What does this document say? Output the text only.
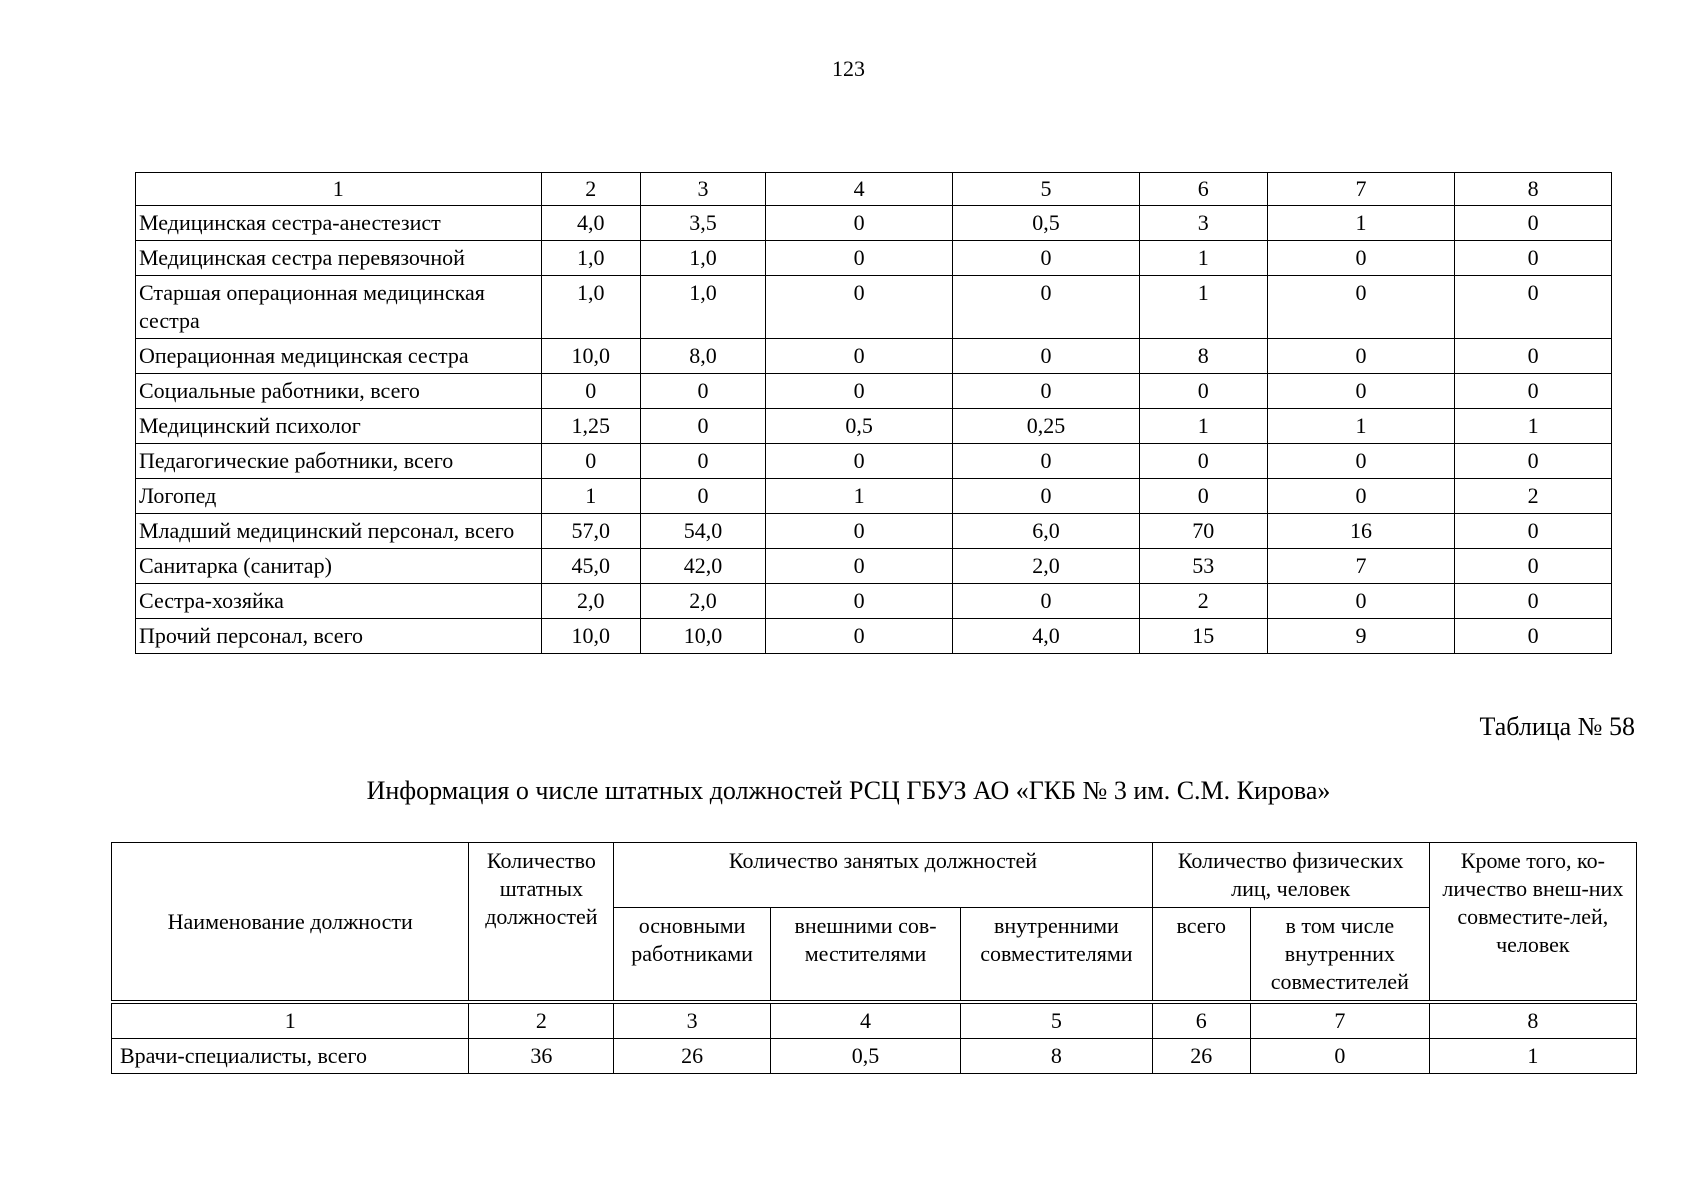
123
1	2	3	4	5	6	7	8
Медицинская сестра-анестезист	4,0	3,5	0	0,5	3	1	0
Медицинская сестра перевязочной	1,0	1,0	0	0	1	0	0
Старшая операционная медицинская сестра	1,0	1,0	0	0	1	0	0
Операционная медицинская сестра	10,0	8,0	0	0	8	0	0
Социальные работники, всего	0	0	0	0	0	0	0
Медицинский психолог	1,25	0	0,5	0,25	1	1	1
Педагогические работники, всего	0	0	0	0	0	0	0
Логопед	1	0	1	0	0	0	2
Младший медицинский персонал, всего	57,0	54,0	0	6,0	70	16	0
Санитарка (санитар)	45,0	42,0	0	2,0	53	7	0
Сестра-хозяйка	2,0	2,0	0	0	2	0	0
Прочий персонал, всего	10,0	10,0	0	4,0	15	9	0
Таблица № 58
Информация о числе штатных должностей РСЦ ГБУЗ АО «ГКБ № 3 им. С.М. Кирова»
Наименование должности	Количество штатных должностей	Количество занятых должностей			Количество физических лиц, человек		Кроме того, ко-личество внеш-них совместите-лей, человек
		основными работниками	внешними сов-местителями	внутренними совместителями	всего	в том числе внутренних совместителей	
1	2	3	4	5	6	7	8
Врачи-специалисты, всего	36	26	0,5	8	26	0	1
